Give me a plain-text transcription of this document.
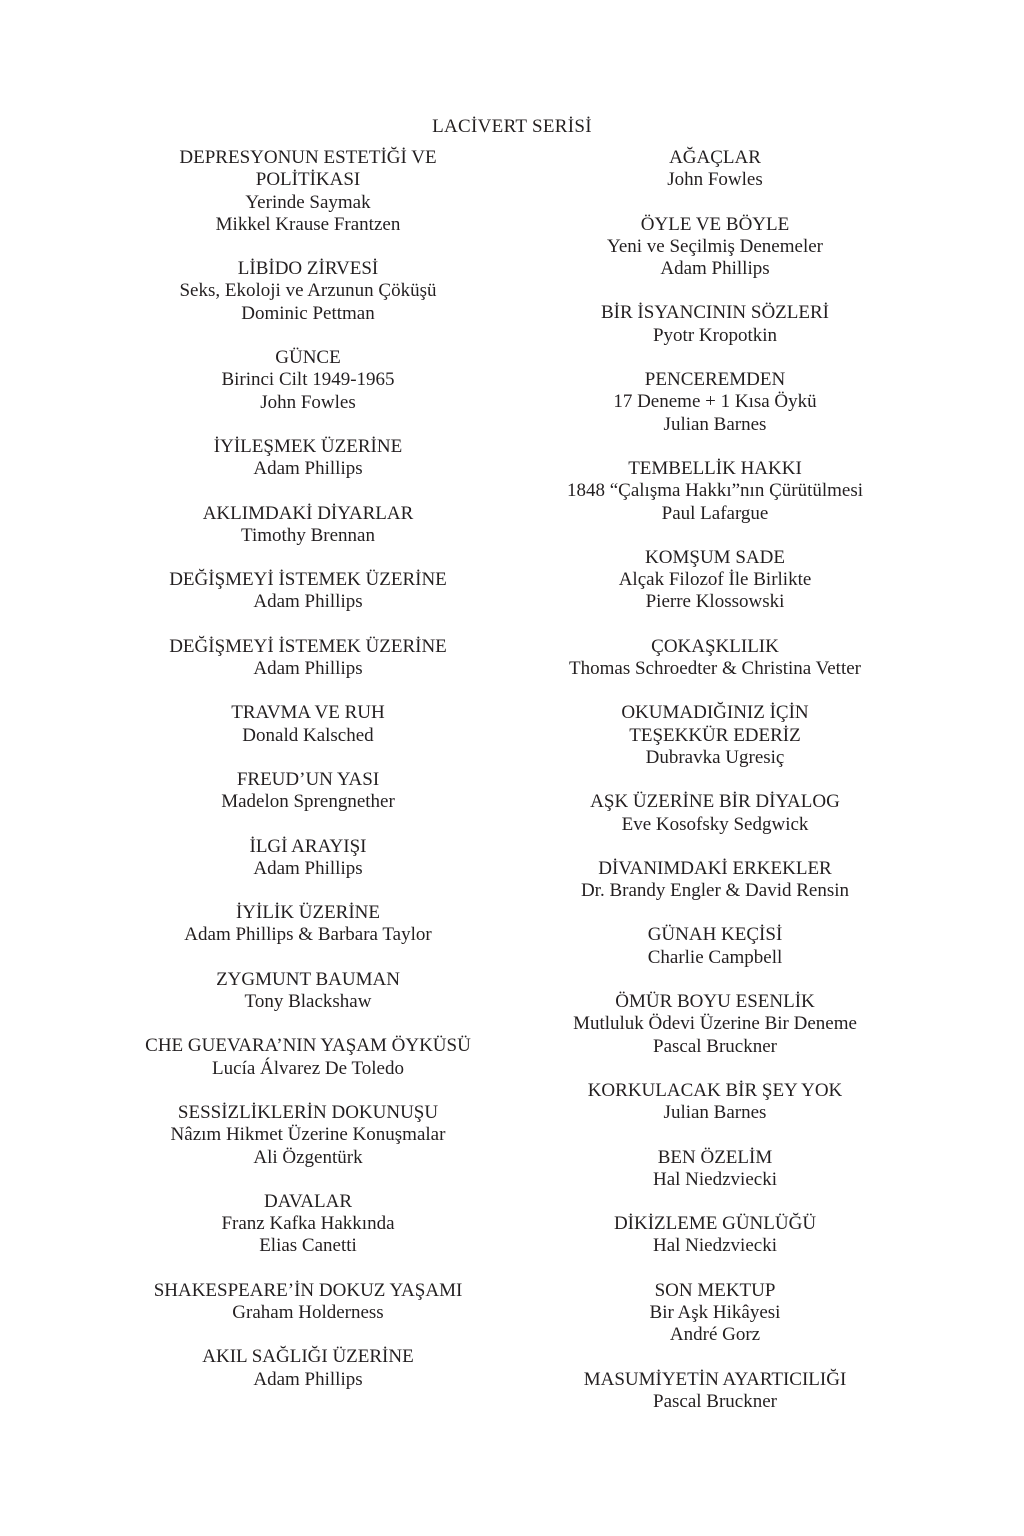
LACİVERT SERİSİ
DEPRESYONUN ESTETİĞİ VE
POLİTİKASI
Yerinde Saymak
Mikkel Krause Frantzen
LİBİDO ZİRVESİ
Seks, Ekoloji ve Arzunun Çöküşü
Dominic Pettman
GÜNCE
Birinci Cilt 1949-1965
John Fowles
İYİLEŞMEK ÜZERİNE
Adam Phillips
AKLIMDAKİ DİYARLAR
Timothy Brennan
DEĞİŞMEYİ İSTEMEK ÜZERİNE
Adam Phillips
DEĞİŞMEYİ İSTEMEK ÜZERİNE
Adam Phillips
TRAVMA VE RUH
Donald Kalsched
FREUD’UN YASI
Madelon Sprengnether
İLGİ ARAYIŞI
Adam Phillips
İYİLİK ÜZERİNE
Adam Phillips & Barbara Taylor
ZYGMUNT BAUMAN
Tony Blackshaw
CHE GUEVARA’NIN YAŞAM ÖYKÜSÜ
Lucía Álvarez De Toledo
SESSİZLİKLERİN DOKUNUŞU
Nâzım Hikmet Üzerine Konuşmalar
Ali Özgentürk
DAVALAR
Franz Kafka Hakkında
Elias Canetti
SHAKESPEARE’İN DOKUZ YAŞAMI
Graham Holderness
AKIL SAĞLIĞI ÜZERİNE
Adam Phillips
AĞAÇLAR
John Fowles
ÖYLE VE BÖYLE
Yeni ve Seçilmiş Denemeler
Adam Phillips
BİR İSYANCININ SÖZLERİ
Pyotr Kropotkin
PENCEREMDEN
17 Deneme + 1 Kısa Öykü
Julian Barnes
TEMBELLİK HAKKI
1848 “Çalışma Hakkı”nın Çürütülmesi
Paul Lafargue
KOMŞUM SADE
Alçak Filozof İle Birlikte
Pierre Klossowski
ÇOKAŞKLILIK
Thomas Schroedter & Christina Vetter
OKUMADIĞINIZ İÇİN
TEŞEKKÜR EDERİZ
Dubravka Ugresiç
AŞK ÜZERİNE BİR DİYALOG
Eve Kosofsky Sedgwick
DİVANIMDAKİ ERKEKLER
Dr. Brandy Engler & David Rensin
GÜNAH KEÇİSİ
Charlie Campbell
ÖMÜR BOYU ESENLİK
Mutluluk Ödevi Üzerine Bir Deneme
Pascal Bruckner
KORKULACAK BİR ŞEY YOK
Julian Barnes
BEN ÖZELİM
Hal Niedzviecki
DİKİZLEME GÜNLÜĞÜ
Hal Niedzviecki
SON MEKTUP
Bir Aşk Hikâyesi
André Gorz
MASUMİYETİN AYARTICILIĞI
Pascal Bruckner
